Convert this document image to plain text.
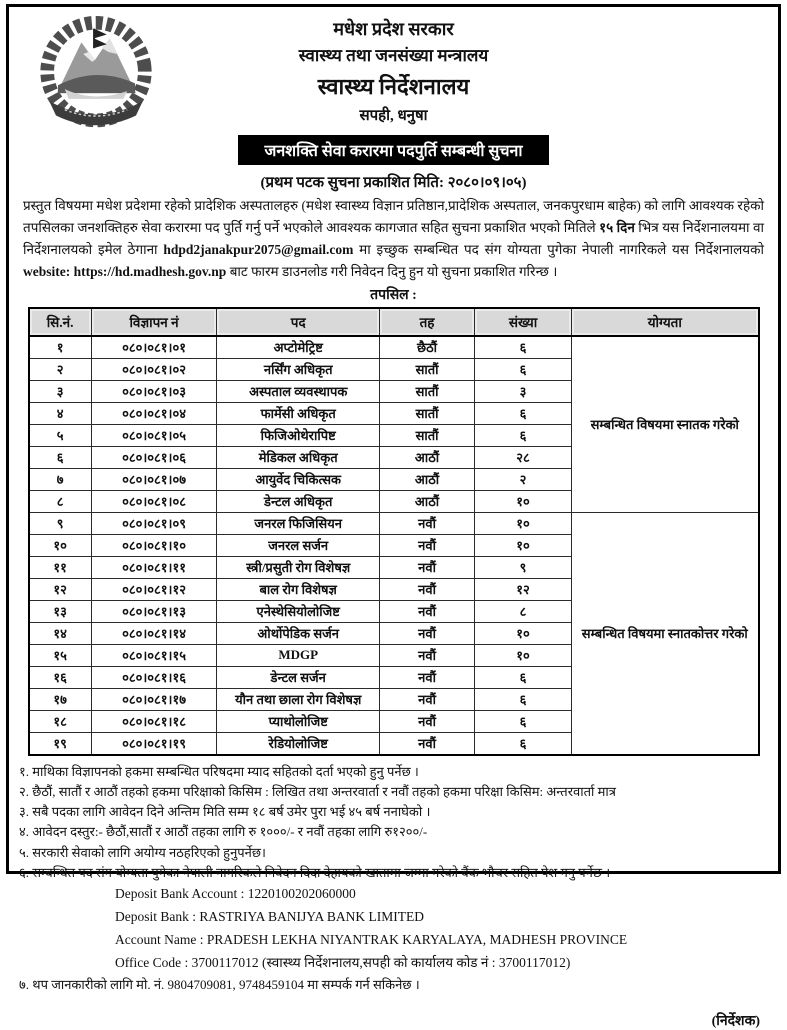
मधेश प्रदेश सरकार
स्वास्थ्य तथा जनसंख्या मन्त्रालय
स्वास्थ्य निर्देशनालय
सपही, धनुषा
जनशक्ति सेवा करारमा पदपुर्ति सम्बन्धी सुचना
(प्रथम पटक सुचना प्रकाशित मिति: २०८०।०९।०५)
प्रस्तुत विषयमा मधेश प्रदेशमा रहेको प्रादेशिक अस्पतालहरु (मधेश स्वास्थ्य विज्ञान प्रतिष्ठान,प्रादेशिक अस्पताल, जनकपुरधाम बाहेक) को लागि आवश्यक रहेको तपसिलका जनशक्तिहरु सेवा करारमा पद पुर्ति गर्नु पर्ने भएकोले आवश्यक कागजात सहित सुचना प्रकाशित भएको मितिले १५ दिन भित्र यस निर्देशनालयमा वा निर्देशनालयको इमेल ठेगाना hdpd2janakpur2075@gmail.com मा इच्छुक सम्बन्धित पद संग योग्यता पुगेका नेपाली नागरिकले यस निर्देशनालयको website: https://hd.madhesh.gov.np बाट फारम डाउनलोड गरी निवेदन दिनु हुन यो सुचना प्रकाशित गरिन्छ ।
तपसिल :
सि.नं.	विज्ञापन नं	पद	तह	संख्या	योग्यता
१	०८०।०८१।०१	अप्टोमेट्रिष्ट	छैठौं	६	सम्बन्धित विषयमा स्नातक गरेको
२	०८०।०८१।०२	नर्सिंग अधिकृत	सातौं	६	
३	०८०।०८१।०३	अस्पताल व्यवस्थापक	सातौं	३	
४	०८०।०८१।०४	फार्मेसी अधिकृत	सातौं	६	
५	०८०।०८१।०५	फिजिओथेरापिष्ट	सातौं	६	
६	०८०।०८१।०६	मेडिकल अधिकृत	आठौं	२८	
७	०८०।०८१।०७	आयुर्वेद चिकित्सक	आठौं	२	
८	०८०।०८१।०८	डेन्टल अधिकृत	आठौं	१०	
९	०८०।०८१।०९	जनरल फिजिसियन	नवौं	१०	सम्बन्धित विषयमा स्नातकोत्तर गरेको
१०	०८०।०८१।१०	जनरल सर्जन	नवौं	१०	
११	०८०।०८१।११	स्त्री/प्रसुती रोग विशेषज्ञ	नवौं	९	
१२	०८०।०८१।१२	बाल रोग विशेषज्ञ	नवौं	१२	
१३	०८०।०८१।१३	एनेस्थेसियोलोजिष्ट	नवौं	८	
१४	०८०।०८१।१४	ओर्थोपेडिक सर्जन	नवौं	१०	
१५	०८०।०८१।१५	MDGP	नवौं	१०	
१६	०८०।०८१।१६	डेन्टल सर्जन	नवौं	६	
१७	०८०।०८१।१७	यौन तथा छाला रोग विशेषज्ञ	नवौं	६	
१८	०८०।०८१।१८	प्याथोलोजिष्ट	नवौं	६	
१९	०८०।०८१।१९	रेडियोलोजिष्ट	नवौं	६	
१. माथिका विज्ञापनको हकमा सम्बन्धित परिषदमा म्याद सहितको दर्ता भएको हुनु पर्नेछ ।
२. छैठौं, सातौं र आठौं तहको हकमा परिक्षाको किसिम : लिखित तथा अन्तरवार्ता र नवौं तहको हकमा परिक्षा किसिम: अन्तरवार्ता मात्र
३. सबै पदका लागि आवेदन दिने अन्तिम मिति सम्म १८ बर्ष उमेर पुरा भई ४५ बर्ष ननाघेको ।
४. आवेदन दस्तुर:- छैठौं,सातौं र आठौं तहका लागि रु १०००/- र नवौं तहका लागि रु१२००/-
५. सरकारी सेवाको लागि अयोग्य नठहरिएको हुनुपर्नेछ।
६. सम्बन्धित पद संग योग्यता पुगेका नेपाली नागरिकले निवेदन दिदा देहायको खातामा जम्मा गरेको बैंक भौचर सहित पेश गनु पर्नेछ ।
Deposit Bank Account : 1220100202060000
Deposit Bank : RASTRIYA BANIJYA BANK LIMITED
Account Name : PRADESH LEKHA NIYANTRAK KARYALAYA, MADHESH PROVINCE
Office Code : 3700117012 (स्वास्थ्य निर्देशनालय,सपही को कार्यालय कोड नं : 3700117012)
७. थप जानकारीको लागि मो. नं. 9804709081, 9748459104 मा सम्पर्क गर्न सकिनेछ ।
(निर्देशक)
